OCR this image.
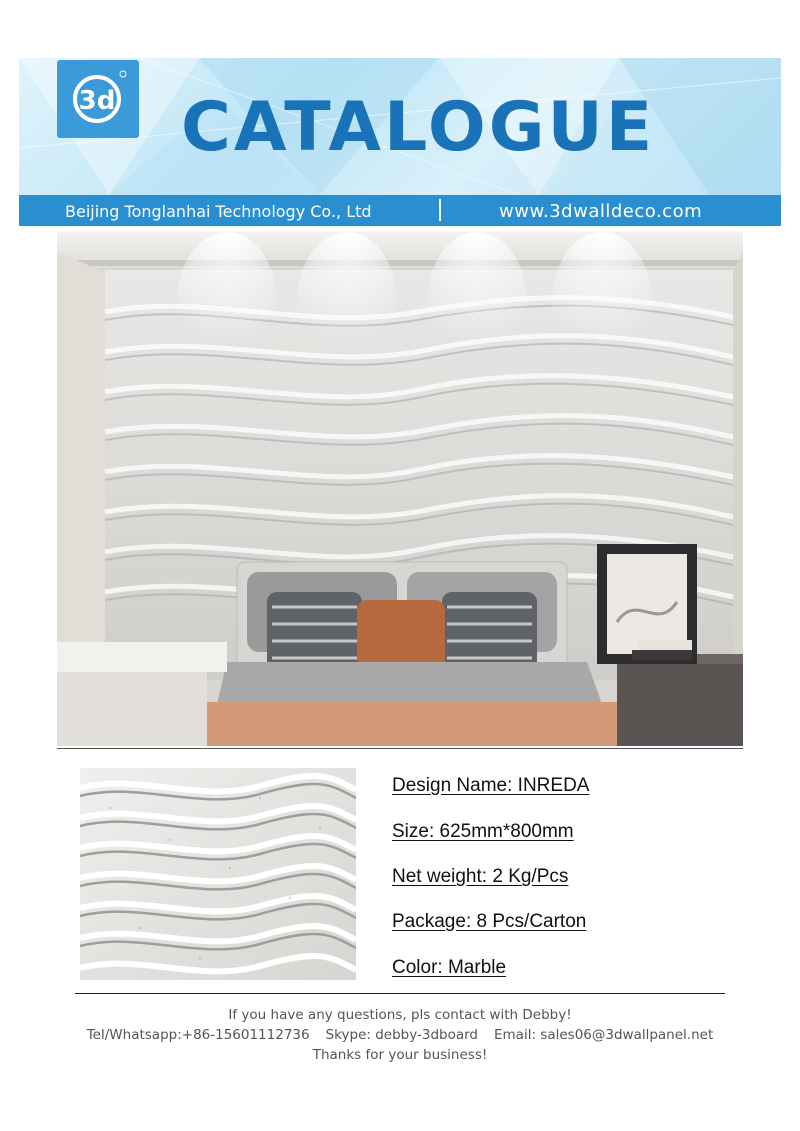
3d CATALOGUE
Beijing Tonglanhai Technology Co., Ltd	www.3dwalldeco.com
Design Name : INREDA
Size : 625mm*800mm
Net weight : 2 Kg/Pcs
Package : 8 Pcs/Carton
Color : Marble
If you have any questions, pls contact with Debby!
Tel/Whatsapp:+86-15601112736 Skype: debby-3dboard Email: sales06@3dwallpanel.net
Thanks for your business!
